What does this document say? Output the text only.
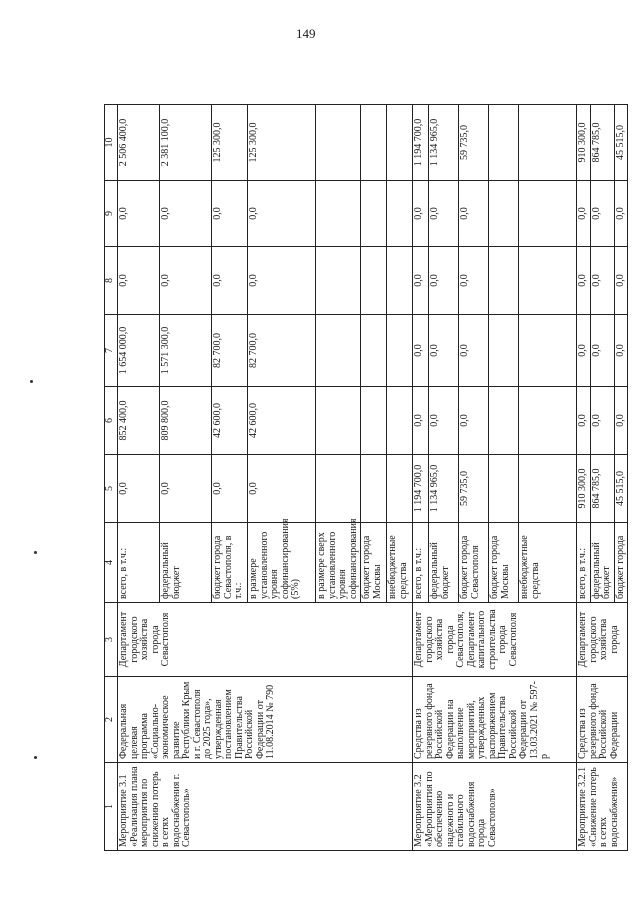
149
1	2	3	4	5	6	7	8	9	10
Мероприятие 3.1 «Реализация плана мероприятия по снижению потерь в сетях водоснабжения г. Севастополь»	Федеральная целевая программа «Социально-экономическое развитие Республики Крым и г. Севастополя до 2025 года», утвержденная постановлением Правительства Российской Федерации от 11.08.2014 № 790	Департамент городского хозяйства города Севастополя	всего, в т.ч.:	0,0	852 400,0	1 654 000,0	0,0	0,0	2 506 400,0
			федеральный бюджет	0,0	809 800,0	1 571 300,0	0,0	0,0	2 381 100,0
			бюджет города Севастополя, в т.ч.:	0,0	42 600,0	82 700,0	0,0	0,0	125 300,0
			в размере установленного уровня софинансирования (5%)	0,0	42 600,0	82 700,0	0,0	0,0	125 300,0
			в размере сверх установленного уровня софинансирования						
			бюджет города Москвы						
			внебюджетные средства						
Мероприятие 3.2 «Мероприятия по обеспечению надежного и стабильного водоснабжения города Севастополя»	Средства из резервного фонда Российской Федерации на выполнение мероприятий, утвержденных распоряжением Правительства Российской Федерации от 13.03.2021 № 597-р	Департамент городского хозяйства города Севастополя, Департамент капитального строительства города Севастополя	всего, в т.ч.:	1 194 700,0	0,0	0,0	0,0	0,0	1 194 700,0
			федеральный бюджет	1 134 965,0	0,0	0,0	0,0	0,0	1 134 965,0
			бюджет города Севастополя	59 735,0	0,0	0,0	0,0	0,0	59 735,0
			бюджет города Москвы						
			внебюджетные средства						
Мероприятие 3.2.1 «Снижение потерь в сетях водоснабжения»	Средства из резервного фонда Российской Федерации	Департамент городского хозяйства города	всего, в т.ч.:	910 300,0	0,0	0,0	0,0	0,0	910 300,0
			федеральный бюджет	864 785,0	0,0	0,0	0,0	0,0	864 785,0
			бюджет города	45 515,0	0,0	0,0	0,0	0,0	45 515,0
